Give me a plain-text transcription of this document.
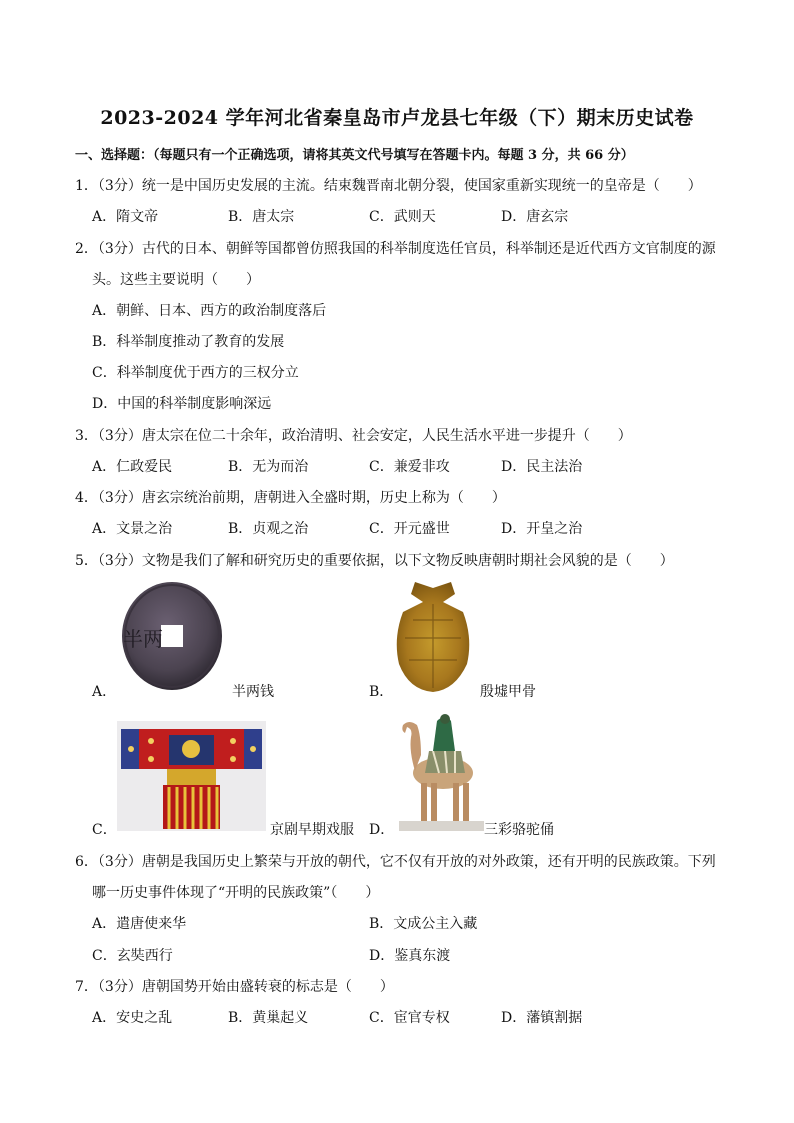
2023-2024 学年河北省秦皇岛市卢龙县七年级（下）期末历史试卷
一、选择题：（每题只有一个正确选项，请将其英文代号填写在答题卡内。每题 3 分，共 66 分）
1．（3分）统一是中国历史发展的主流。结束魏晋南北朝分裂，使国家重新实现统一的皇帝是（　　）
A．隋文帝	B．唐太宗	C．武则天	D．唐玄宗
2．（3分）古代的日本、朝鲜等国都曾仿照我国的科举制度选任官员，科举制还是近代西方文官制度的源
头。这些主要说明（　　）
A．朝鲜、日本、西方的政治制度落后
B．科举制度推动了教育的发展
C．科举制度优于西方的三权分立
D．中国的科举制度影响深远
3．（3分）唐太宗在位二十余年，政治清明、社会安定，人民生活水平进一步提升（　　）
A．仁政爱民	B．无为而治	C．兼爱非攻	D．民主法治
4．（3分）唐玄宗统治前期，唐朝进入全盛时期，历史上称为（　　）
A．文景之治	B．贞观之治	C．开元盛世	D．开皇之治
5．（3分）文物是我们了解和研究历史的重要依据，以下文物反映唐朝时期社会风貌的是（　　）
半两
A．	半两钱	B．	殷墟甲骨
C．	京剧早期戏服 D．	三彩骆驼俑
6．（3分）唐朝是我国历史上繁荣与开放的朝代，它不仅有开放的对外政策，还有开明的民族政策。下列
哪一历史事件体现了“开明的民族政策”（　　）
A．遣唐使来华	B．文成公主入藏
C．玄奘西行	D．鉴真东渡
7．（3分）唐朝国势开始由盛转衰的标志是（　　）
A．安史之乱	B．黄巢起义	C．宦官专权	D．藩镇割据
